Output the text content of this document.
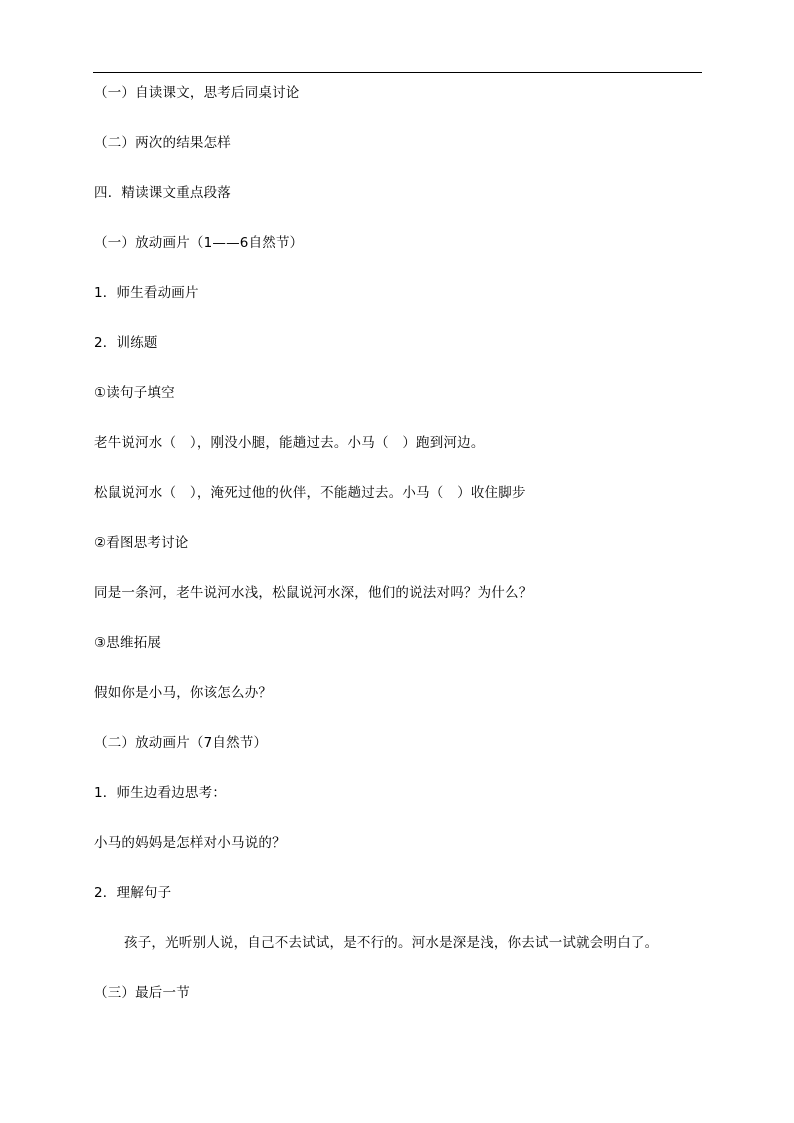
（一）自读课文，思考后同桌讨论
（二）两次的结果怎样
四．精读课文重点段落
（一）放动画片（1——6自然节）
1．师生看动画片
2．训练题
①读句子填空
老牛说河水（　），刚没小腿，能趟过去。小马（　）跑到河边。
松鼠说河水（　），淹死过他的伙伴，不能趟过去。小马（　）收住脚步
②看图思考讨论
同是一条河，老牛说河水浅，松鼠说河水深，他们的说法对吗？为什么？
③思维拓展
假如你是小马，你该怎么办？
（二）放动画片（7自然节）
1．师生边看边思考：
小马的妈妈是怎样对小马说的？
2．理解句子
孩子，光听别人说，自己不去试试，是不行的。河水是深是浅，你去试一试就会明白了。
（三）最后一节
